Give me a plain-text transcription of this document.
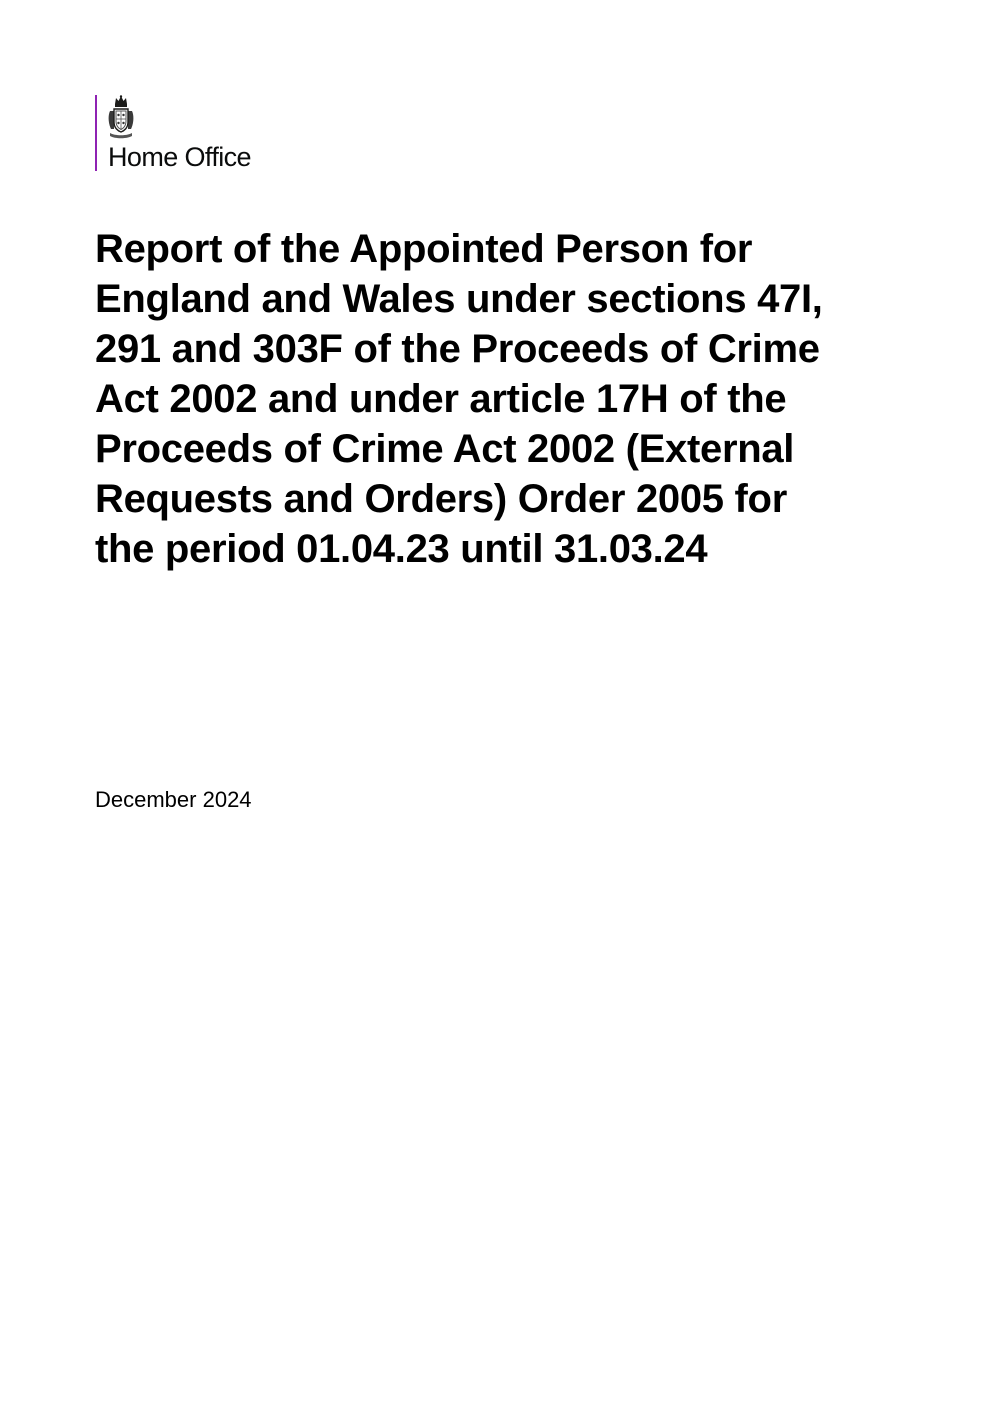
Home Office
Report of the Appointed Person for
England and Wales under sections 47I,
291 and 303F of the Proceeds of Crime
Act 2002 and under article 17H of the
Proceeds of Crime Act 2002 (External
Requests and Orders) Order 2005 for
the period 01.04.23 until 31.03.24
December 2024
